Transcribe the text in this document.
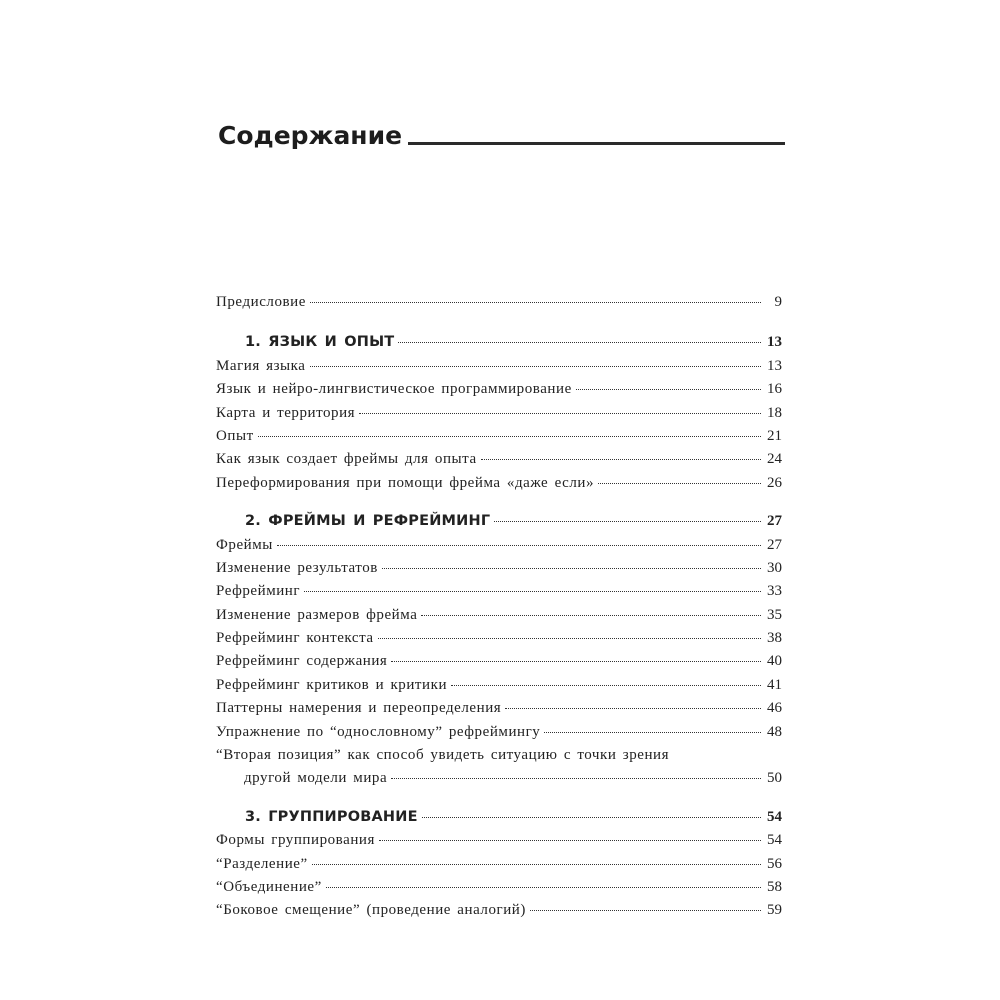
Содержание
Предисловие	9
1. ЯЗЫК И ОПЫТ	13
Магия языка	13
Язык и нейро-лингвистическое программирование	16
Карта и территория	18
Опыт	21
Как язык создает фреймы для опыта	24
Переформирования при помощи фрейма «даже если»	26
2. ФРЕЙМЫ И РЕФРЕЙМИНГ	27
Фреймы	27
Изменение результатов	30
Рефрейминг	33
Изменение размеров фрейма	35
Рефрейминг контекста	38
Рефрейминг содержания	40
Рефрейминг критиков и критики	41
Паттерны намерения и переопределения	46
Упражнение по “однословному” рефреймингу	48
“Вторая позиция” как способ увидеть ситуацию с точки зрения
другой модели мира	50
3. ГРУППИРОВАНИЕ	54
Формы группирования	54
“Разделение”	56
“Объединение”	58
“Боковое смещение” (проведение аналогий)	59
